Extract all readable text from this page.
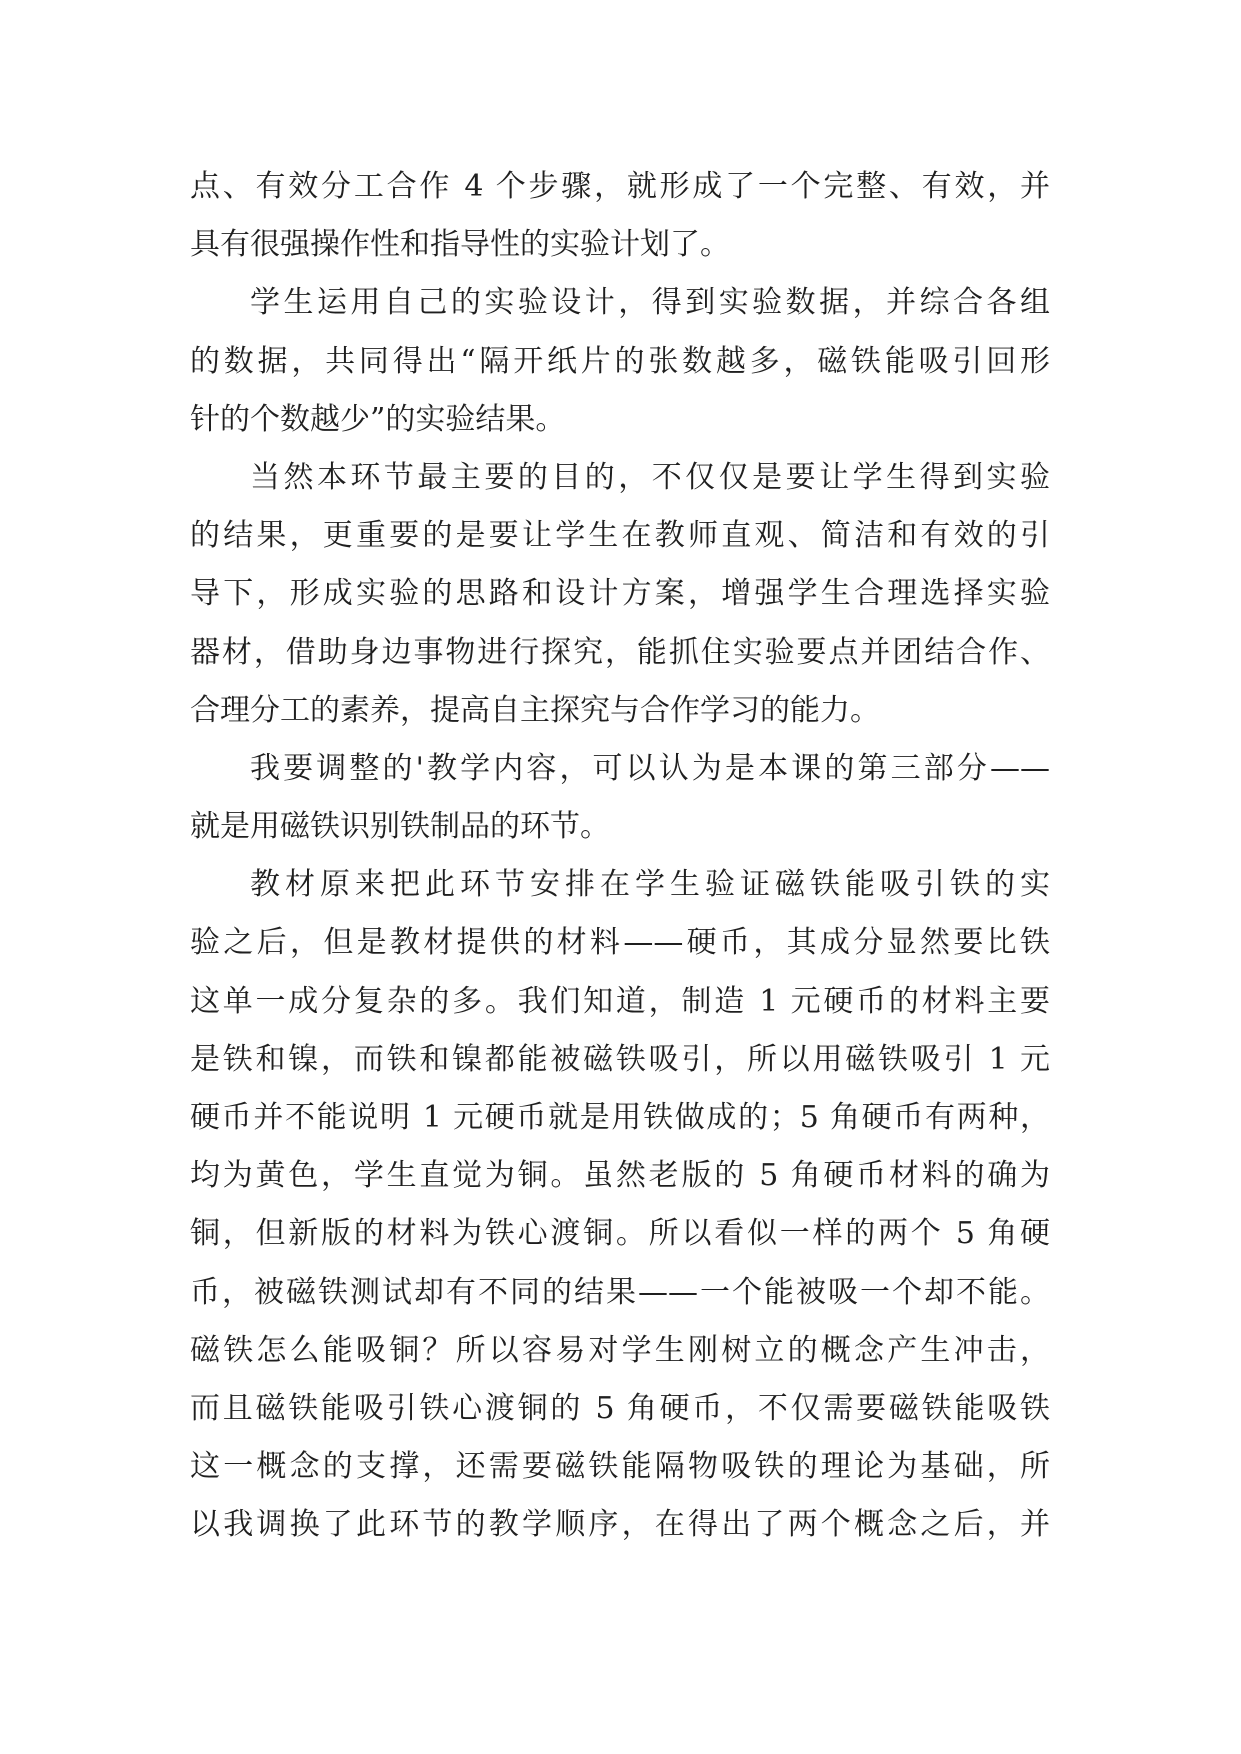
点、有效分工合作 4 个步骤，就形成了一个完整、有效，并
具有很强操作性和指导性的实验计划了。
学生运用自己的实验设计，得到实验数据，并综合各组
的数据，共同得出“隔开纸片的张数越多，磁铁能吸引回形
针的个数越少”的实验结果。
当然本环节最主要的目的，不仅仅是要让学生得到实验
的结果，更重要的是要让学生在教师直观、简洁和有效的引
导下，形成实验的思路和设计方案，增强学生合理选择实验
器材，借助身边事物进行探究，能抓住实验要点并团结合作、
合理分工的素养，提高自主探究与合作学习的能力。
我要调整的'教学内容，可以认为是本课的第三部分——
就是用磁铁识别铁制品的环节。
教材原来把此环节安排在学生验证磁铁能吸引铁的实
验之后，但是教材提供的材料——硬币，其成分显然要比铁
这单一成分复杂的多。我们知道，制造 1 元硬币的材料主要
是铁和镍，而铁和镍都能被磁铁吸引，所以用磁铁吸引 1 元
硬币并不能说明 1 元硬币就是用铁做成的；5 角硬币有两种，
均为黄色，学生直觉为铜。虽然老版的 5 角硬币材料的确为
铜，但新版的材料为铁心渡铜。所以看似一样的两个 5 角硬
币，被磁铁测试却有不同的结果——一个能被吸一个却不能。
磁铁怎么能吸铜？所以容易对学生刚树立的概念产生冲击，
而且磁铁能吸引铁心渡铜的 5 角硬币，不仅需要磁铁能吸铁
这一概念的支撑，还需要磁铁能隔物吸铁的理论为基础，所
以我调换了此环节的教学顺序，在得出了两个概念之后，并
